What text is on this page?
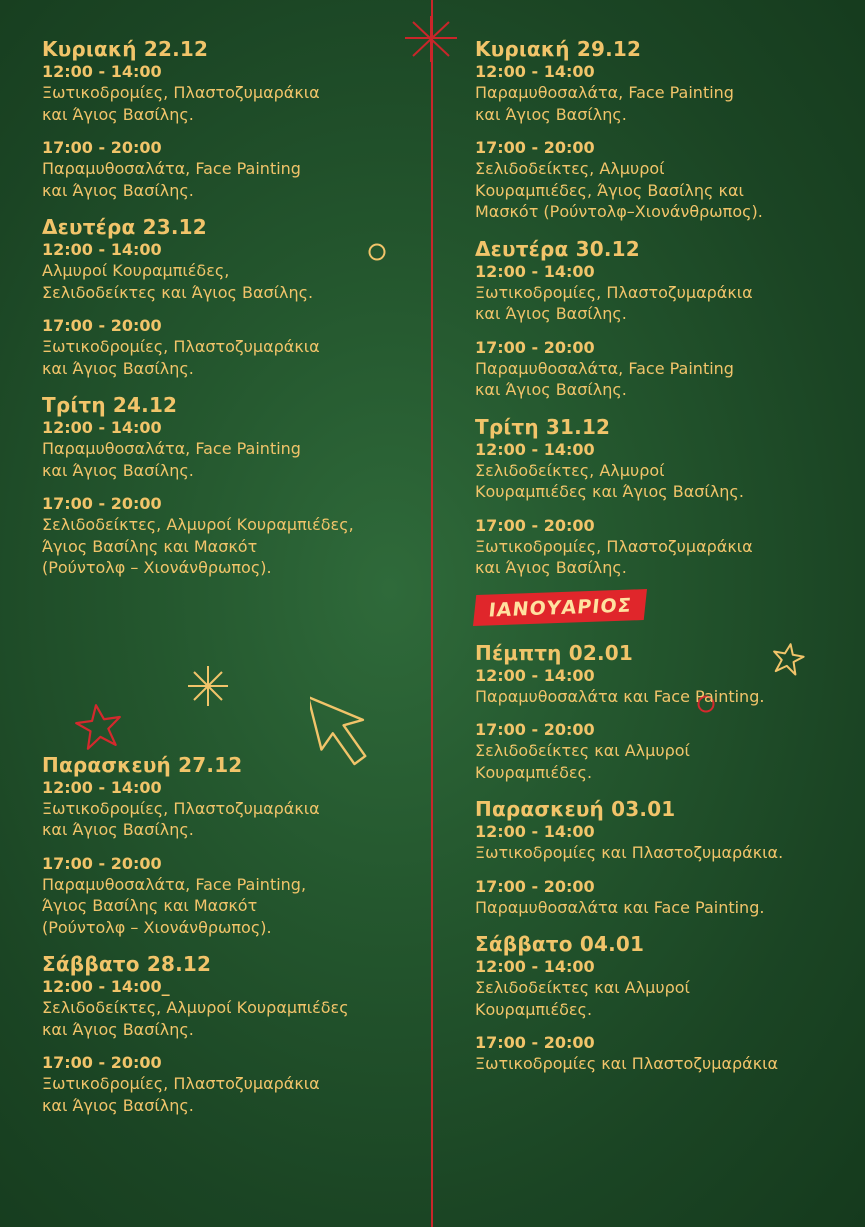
Κυριακή 22.12
12:00 - 14:00
Ξωτικοδρομίες, Πλαστοζυμαράκια
και Άγιος Βασίλης.
17:00 - 20:00
Παραμυθοσαλάτα, Face Painting
και Άγιος Βασίλης.
Δευτέρα 23.12
12:00 - 14:00
Αλμυροί Κουραμπιέδες,
Σελιδοδείκτες και Άγιος Βασίλης.
17:00 - 20:00
Ξωτικοδρομίες, Πλαστοζυμαράκια
και Άγιος Βασίλης.
Τρίτη 24.12
12:00 - 14:00
Παραμυθοσαλάτα, Face Painting
και Άγιος Βασίλης.
17:00 - 20:00
Σελιδοδείκτες, Αλμυροί Κουραμπιέδες,
Άγιος Βασίλης και Μασκότ
(Ρούντολφ – Χιονάνθρωπος).
Παρασκευή 27.12
12:00 - 14:00
Ξωτικοδρομίες, Πλαστοζυμαράκια
και Άγιος Βασίλης.
17:00 - 20:00
Παραμυθοσαλάτα, Face Painting,
Άγιος Βασίλης και Μασκότ
(Ρούντολφ – Χιονάνθρωπος).
Σάββατο 28.12
12:00 - 14:00_
Σελιδοδείκτες, Αλμυροί Κουραμπιέδες
και Άγιος Βασίλης.
17:00 - 20:00
Ξωτικοδρομίες, Πλαστοζυμαράκια
και Άγιος Βασίλης.
Κυριακή 29.12
12:00 - 14:00
Παραμυθοσαλάτα, Face Painting
και Άγιος Βασίλης.
17:00 - 20:00
Σελιδοδείκτες, Αλμυροί
Κουραμπιέδες, Άγιος Βασίλης και
Μασκότ (Ρούντολφ–Χιονάνθρωπος).
Δευτέρα 30.12
12:00 - 14:00
Ξωτικοδρομίες, Πλαστοζυμαράκια
και Άγιος Βασίλης.
17:00 - 20:00
Παραμυθοσαλάτα, Face Painting
και Άγιος Βασίλης.
Τρίτη 31.12
12:00 - 14:00
Σελιδοδείκτες, Αλμυροί
Κουραμπιέδες και Άγιος Βασίλης.
17:00 - 20:00
Ξωτικοδρομίες, Πλαστοζυμαράκια
και Άγιος Βασίλης.
ΙΑΝΟΥΑΡΙΟΣ
Πέμπτη 02.01
12:00 - 14:00
Παραμυθοσαλάτα και Face Painting.
17:00 - 20:00
Σελιδοδείκτες και Αλμυροί
Κουραμπιέδες.
Παρασκευή 03.01
12:00 - 14:00
Ξωτικοδρομίες και Πλαστοζυμαράκια.
17:00 - 20:00
Παραμυθοσαλάτα και Face Painting.
Σάββατο 04.01
12:00 - 14:00
Σελιδοδείκτες και Αλμυροί
Κουραμπιέδες.
17:00 - 20:00
Ξωτικοδρομίες και Πλαστοζυμαράκια
